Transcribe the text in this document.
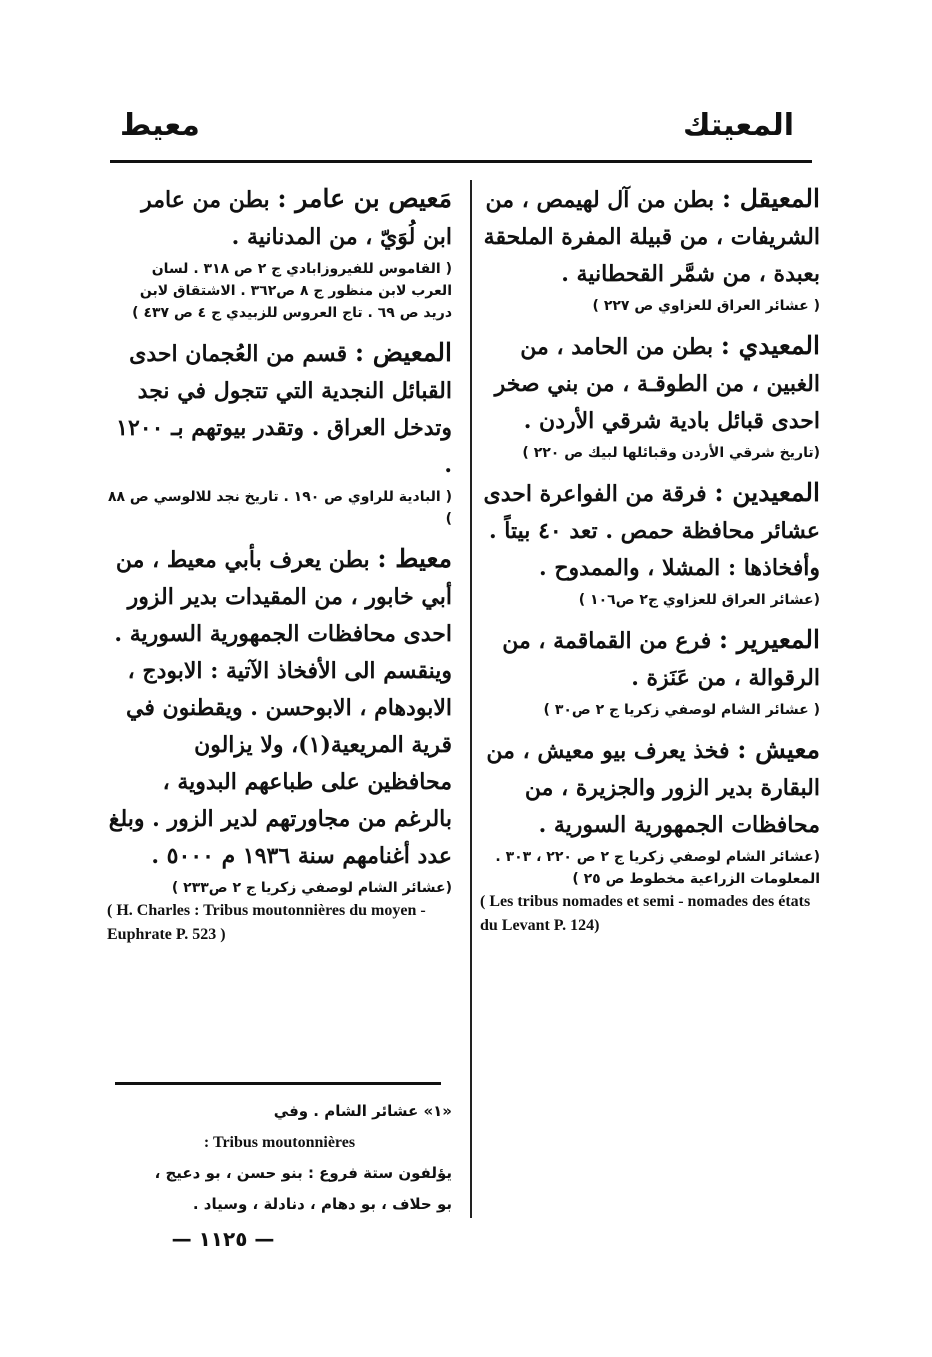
المعيتك
معيط
المعيقل : بطن من آل لهيمص ، من الشريفات ، من قبيلة المفرة الملحقة بعبدة ، من شمَّر القحطانية .
( عشائر العراق للعزاوي ص ٢٢٧ )
المعيدي : بطن من الحامد ، من الغبين ، من الطوقـة ، من بني صخر احدى قبائل بادية شرقي الأردن .
(تاريخ شرقي الأردن وقبائلها لبيك ص ٢٢٠ )
المعيدين : فرقة من الفواعرة احدى عشائر محافظة حمص . تعد ٤٠ بيتاً . وأفخاذها : المشلا ، والممدوح .
(عشائر العراق للعزاوي ج٢ ص١٠٦ )
المعيرير : فرع من القماقمة ، من الرقوالة ، من عَنَزة .
( عشائر الشام لوصفي زكريا ج ٢ ص٣٠ )
معيش : فخذ يعرف بيو معيش ، من البقارة بدير الزور والجزيرة ، من محافظات الجمهورية السورية .
(عشائر الشام لوصفي زكريا ج ٢ ص ٢٢٠ ، ٣٠٣ . المعلومات الزراعية مخطوط ص ٢٥ )
( Les tribus nomades et semi - nomades des états du Levant P. 124)
مَعيص بن عامر : بطن من عامر ابن لُوَيّ ، من المدنانية .
( القاموس للفيروزابادي ج ٢ ص ٣١٨ . لسان العرب لابن منظور ج ٨ ص٣٦٢ . الاشتقاق لابن دريد ص ٦٩ . تاج العروس للزبيدي ج ٤ ص ٤٣٧ )
المعيض : قسم من العُجمان احدى القبائل النجدية التي تتجول في نجد وتدخل العراق . وتقدر بيوتهم بـ ١٢٠٠ .
( البادية للراوي ص ١٩٠ . تاريخ نجد للالوسي ص ٨٨ )
معيط : بطن يعرف بأبي معيط ، من أبي خابور ، من المقيدات بدير الزور احدى محافظات الجمهورية السورية . وينقسم الى الأفخاذ الآتية : الابودج ، الابودهام ، الابوحسن . ويقطنون في قرية المريعية(١)، ولا يزالون محافظين على طباعهم البدوية ، بالرغم من مجاورتهم لدير الزور . وبلغ عدد أغنامهم سنة ١٩٣٦ م ٥٠٠٠ .
(عشائر الشام لوصفي زكريا ج ٢ ص٢٣٣ )
( H. Charles : Tribus moutonnières du moyen - Euphrate P. 523 )
«١» عشائر الشام . وفي
: Tribus moutonnières
يؤلفون ستة فروع : بنو حسن ، بو دعيج ،
بو حلاف ، بو دهام ، دنادلة ، وسياد .
— ١١٢٥ —
